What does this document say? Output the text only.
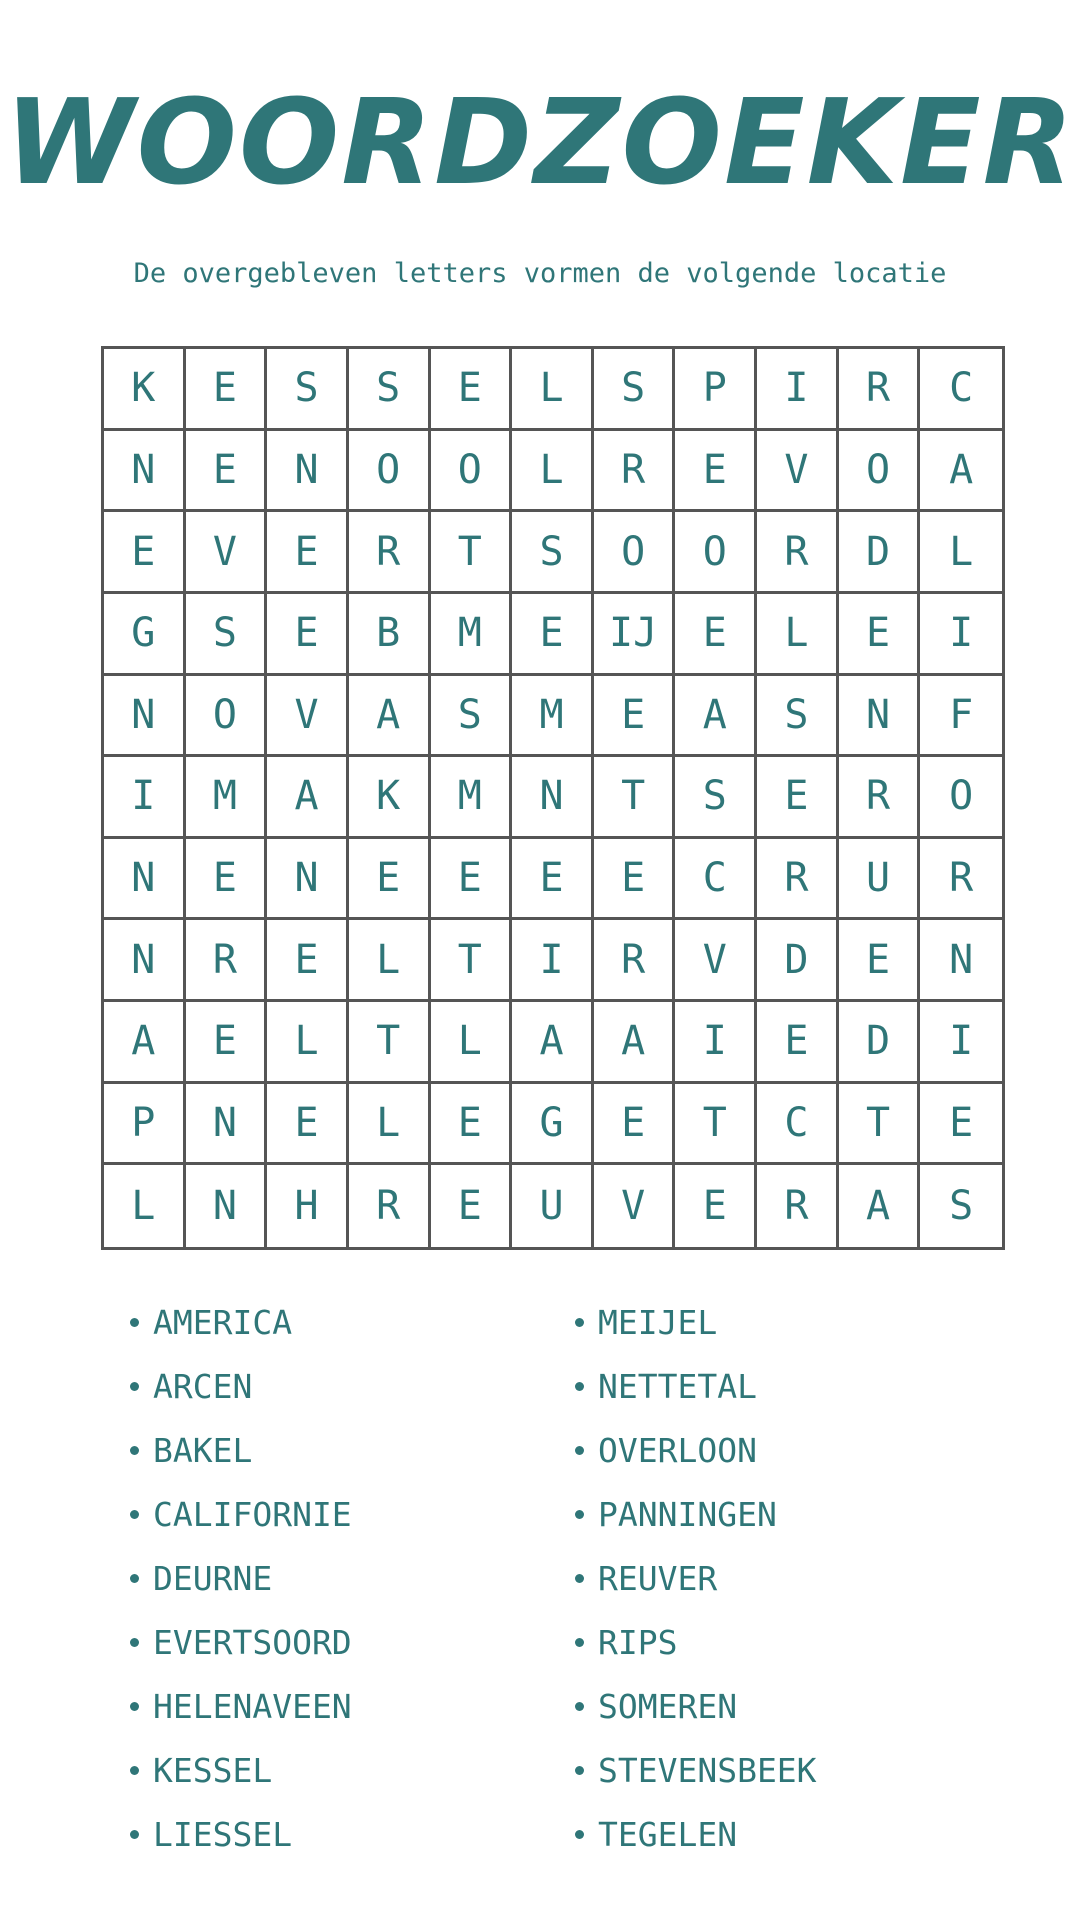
WOORDZOEKER
De overgebleven letters vormen de volgende locatie
K	E	S	S	E	L	S	P	I	R	C
N	E	N	O	O	L	R	E	V	O	A
E	V	E	R	T	S	O	O	R	D	L
G	S	E	B	M	E	IJ	E	L	E	I
N	O	V	A	S	M	E	A	S	N	F
I	M	A	K	M	N	T	S	E	R	O
N	E	N	E	E	E	E	C	R	U	R
N	R	E	L	T	I	R	V	D	E	N
A	E	L	T	L	A	A	I	E	D	I
P	N	E	L	E	G	E	T	C	T	E
L	N	H	R	E	U	V	E	R	A	S
AMERICA
ARCEN
BAKEL
CALIFORNIE
DEURNE
EVERTSOORD
HELENAVEEN
KESSEL
LIESSEL
MEIJEL
NETTETAL
OVERLOON
PANNINGEN
REUVER
RIPS
SOMEREN
STEVENSBEEK
TEGELEN
